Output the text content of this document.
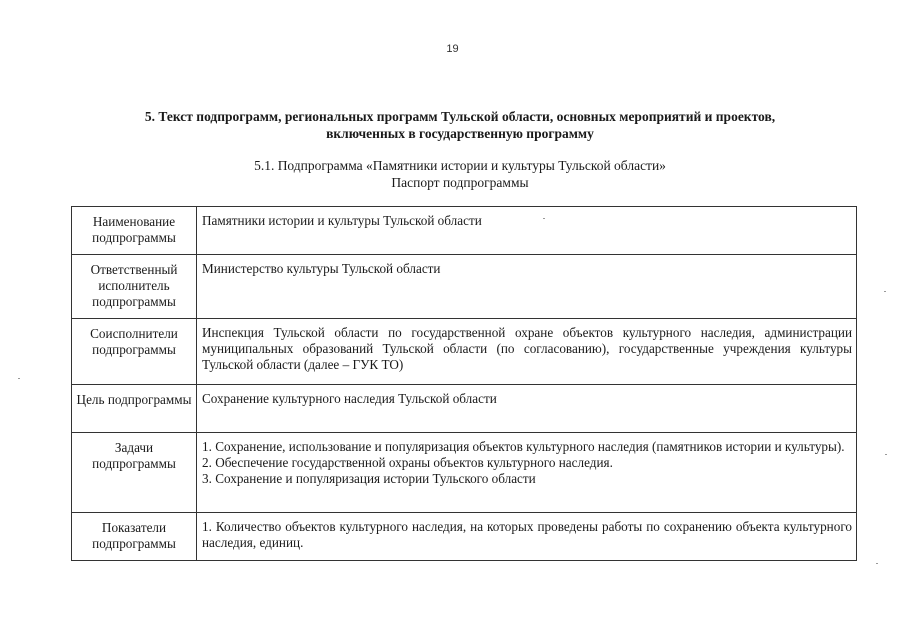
19
5. Текст подпрограмм, региональных программ Тульской области, основных мероприятий и проектов,
включенных в государственную программу
5.1. Подпрограмма «Памятники истории и культуры Тульской области»
Паспорт подпрограммы
Наименование подпрограммы	Памятники истории и культуры Тульской области
Ответственный исполнитель подпрограммы	Министерство культуры Тульской области
Соисполнители подпрограммы	Инспекция Тульской области по государственной охране объектов культурного наследия, администрации муниципальных образований Тульской области (по согласованию), государственные учреждения культуры Тульской области (далее – ГУК ТО)
Цель подпрограммы	Сохранение культурного наследия Тульской области
Задачи подпрограммы	1. Сохранение, использование и популяризация объектов культурного наследия (памятников истории и культуры).
2. Обеспечение государственной охраны объектов культурного наследия.
3. Сохранение и популяризация истории Тульского области

Показатели подпрограммы	1. Количество объектов культурного наследия, на которых проведены работы по сохранению объекта культурного наследия, единиц.
